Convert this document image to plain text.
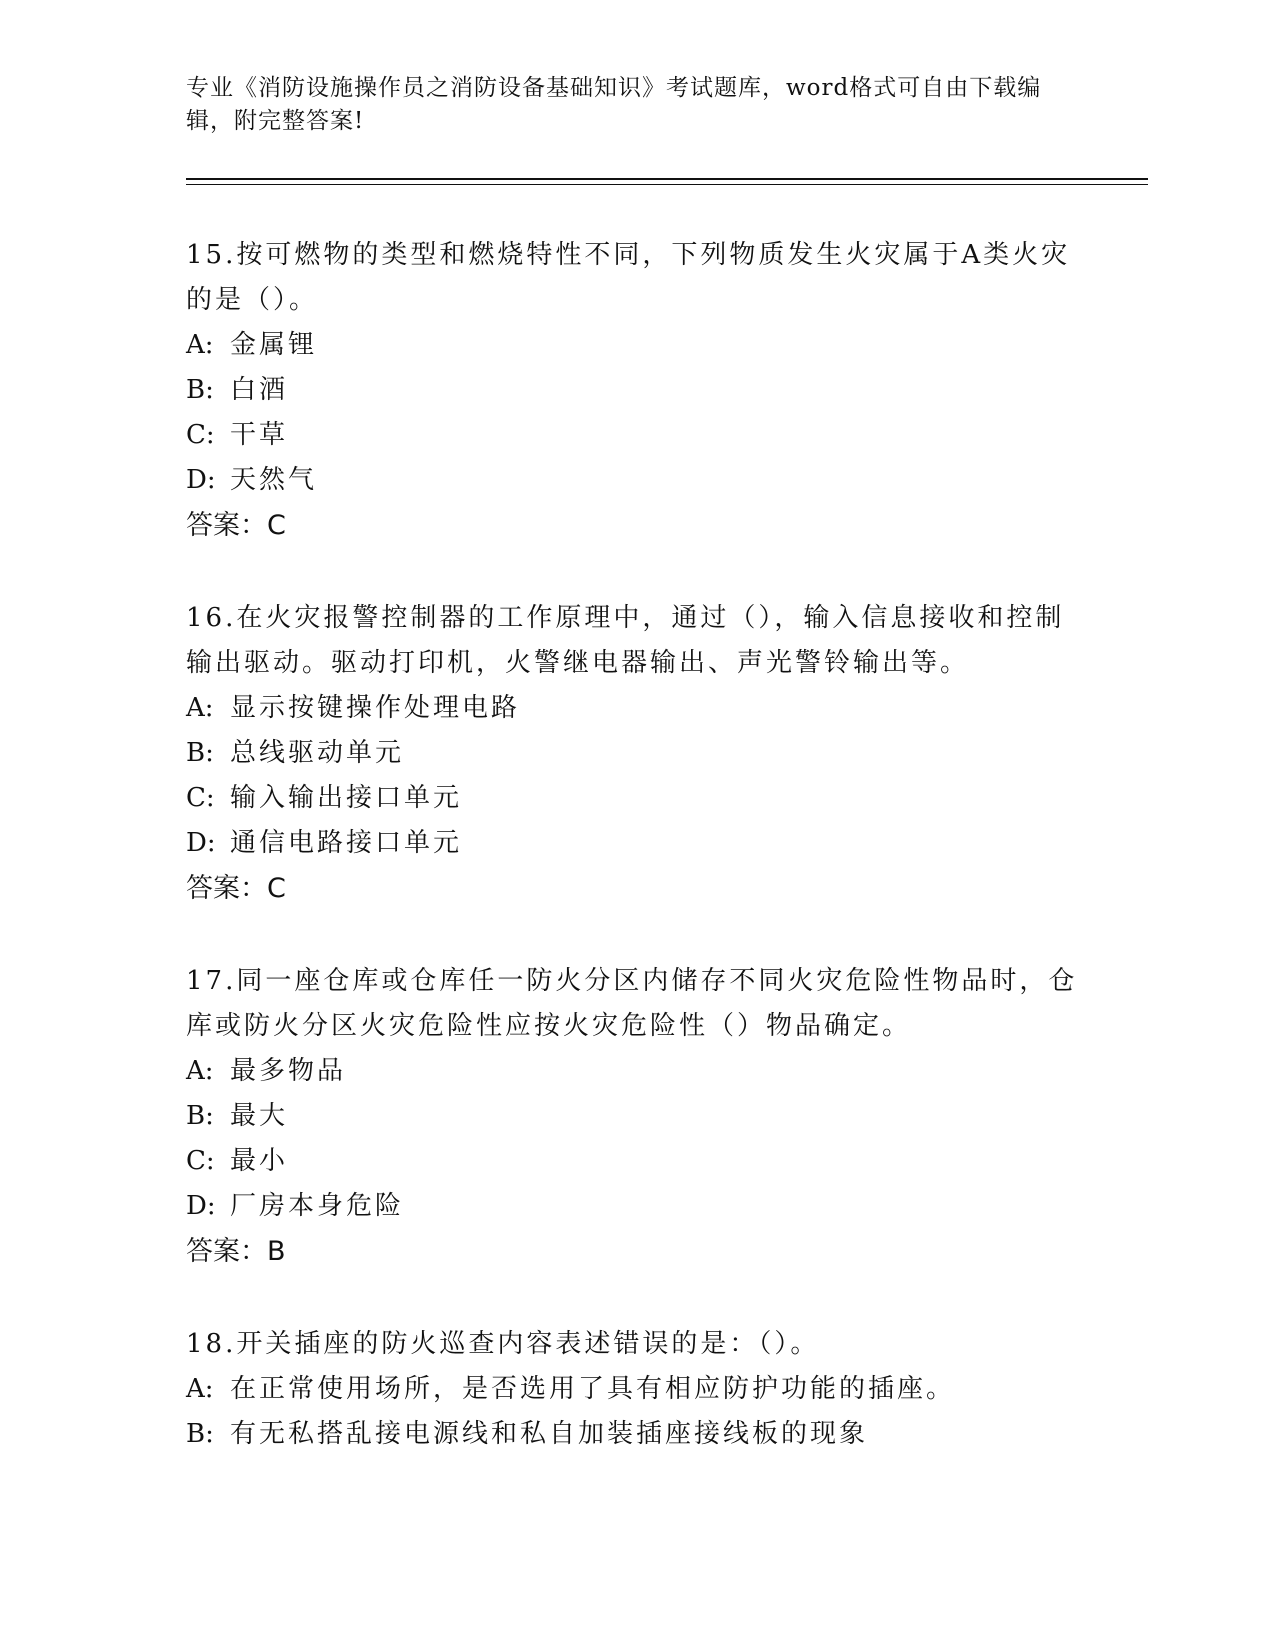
专业《消防设施操作员之消防设备基础知识》考试题库，word格式可自由下载编
辑，附完整答案!
15.按可燃物的类型和燃烧特性不同，下列物质发生火灾属于A类火灾
的是（）。
A: 金属锂
B: 白酒
C: 干草
D: 天然气
答案：C
16.在火灾报警控制器的工作原理中，通过（），输入信息接收和控制
输出驱动。驱动打印机，火警继电器输出、声光警铃输出等。
A: 显示按键操作处理电路
B: 总线驱动单元
C: 输入输出接口单元
D: 通信电路接口单元
答案：C
17.同一座仓库或仓库任一防火分区内储存不同火灾危险性物品时，仓
库或防火分区火灾危险性应按火灾危险性（）物品确定。
A: 最多物品
B: 最大
C: 最小
D: 厂房本身危险
答案：B
18.开关插座的防火巡查内容表述错误的是：（）。
A: 在正常使用场所，是否选用了具有相应防护功能的插座。
B: 有无私搭乱接电源线和私自加装插座接线板的现象
